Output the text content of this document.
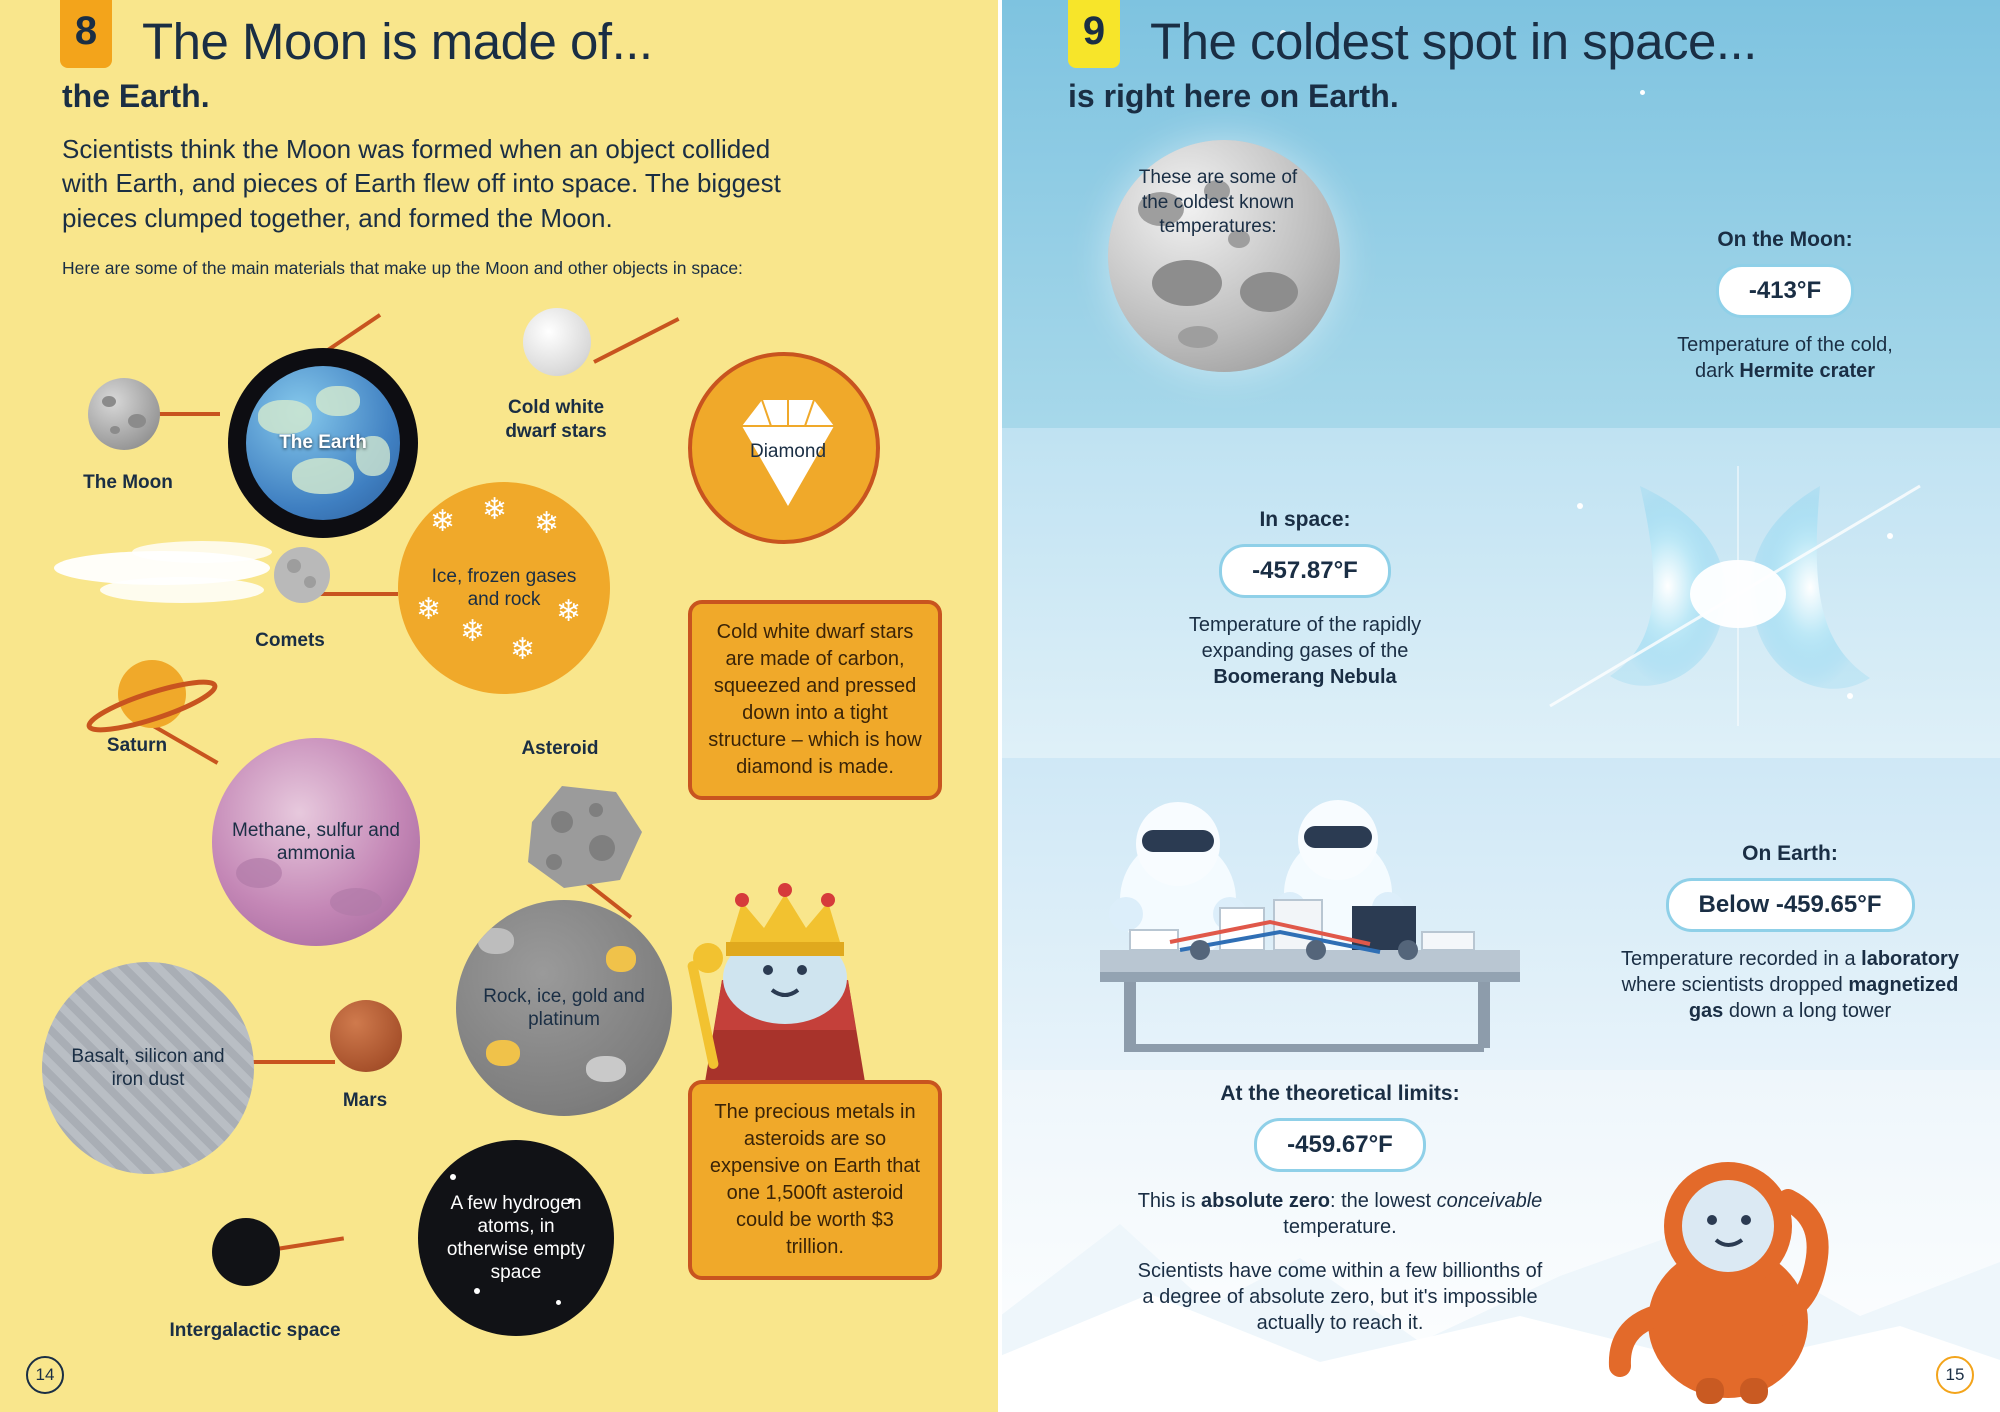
8 The Moon is made of...
the Earth.
Scientists think the Moon was formed when an object collided with Earth, and pieces of Earth flew off into space. The biggest pieces clumped together, and formed the Moon.
Here are some of the main materials that make up the Moon and other objects in space:
The Moon
The Earth
Cold white dwarf stars
Diamond
Comets
❄ ❄ ❄
❄
❄
❄
❄
Ice, frozen gases and rock
Saturn
Methane, sulfur and ammonia
Asteroid
Basalt, silicon and iron dust
Mars
Rock, ice, gold and platinum
A few hydrogen atoms, in otherwise empty space
Intergalactic space
Cold white dwarf stars are made of carbon, squeezed and pressed down into a tight structure – which is how diamond is made.
The precious metals in asteroids are so expensive on Earth that one 1,500ft asteroid could be worth $3 trillion.
14
These are some of the coldest known temperatures:
On the Moon:
-413°F
Temperature of the cold,
dark Hermite crater
In space:
-457.87°F
Temperature of the rapidly
expanding gases of the
Boomerang Nebula
On Earth:
Below -459.65°F
Temperature recorded in a laboratory
where scientists dropped magnetized
gas down a long tower
At the theoretical limits:
-459.67°F
This is absolute zero: the lowest conceivable temperature.
Scientists have come within a few billionths of a degree of absolute zero, but it's impossible actually to reach it.
9 The coldest spot in space...
is right here on Earth.
15
